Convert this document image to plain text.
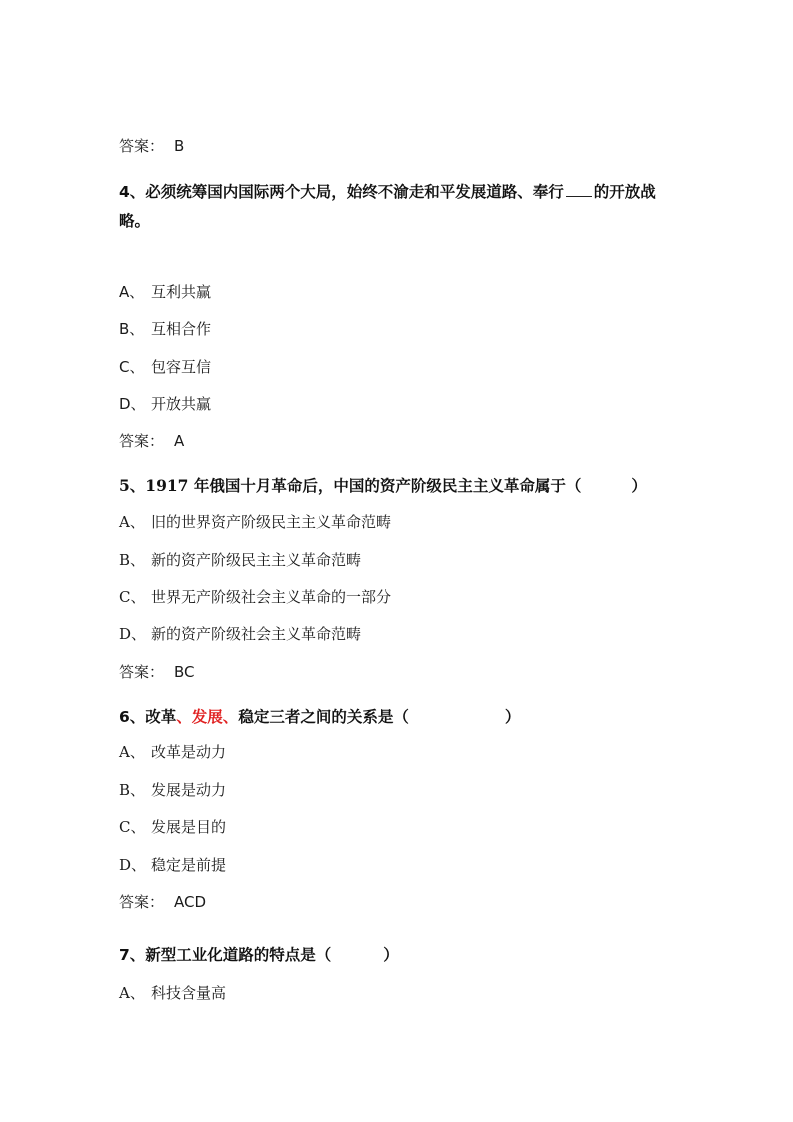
答案： B
4、必须统筹国内国际两个大局，始终不渝走和平发展道路、奉行 的开放战
略。
A、 互利共赢
B、 互相合作
C、 包容互信
D、 开放共赢
答案： A
5、1917 年俄国十月革命后，中国的资产阶级民主主义革命属于（	）
A、 旧的世界资产阶级民主主义革命范畴
B、 新的资产阶级民主主义革命范畴
C、 世界无产阶级社会主义革命的一部分
D、 新的资产阶级社会主义革命范畴
答案： BC
6、改革、发展、稳定三者之间的关系是（	）
A、 改革是动力
B、 发展是动力
C、 发展是目的
D、 稳定是前提
答案： ACD
7、新型工业化道路的特点是（	）
A、 科技含量高
